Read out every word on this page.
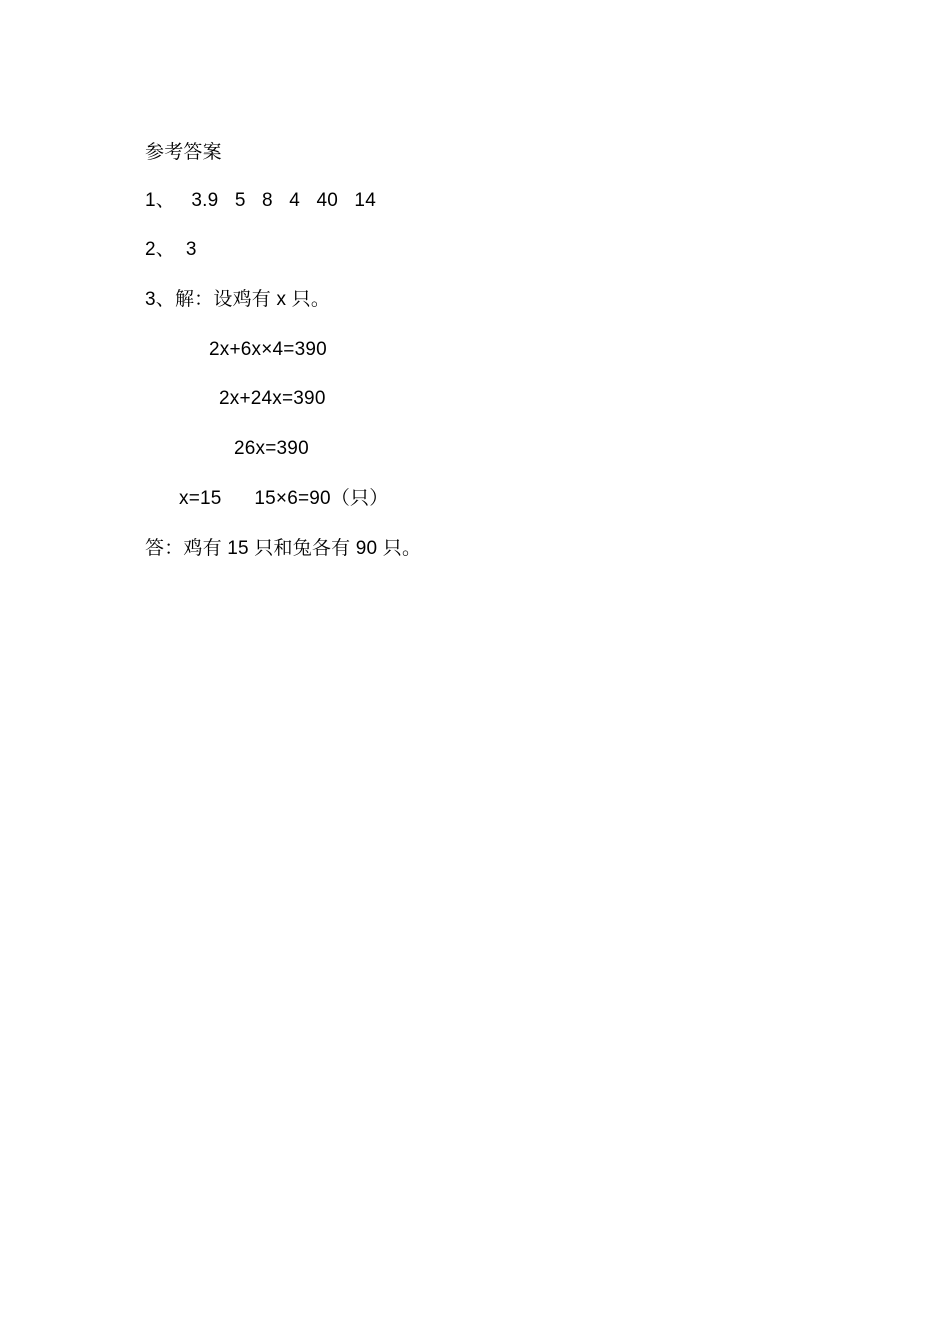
参考答案
1、   3.9   5   8   4   40   14
2、  3
3、解：设鸡有 x 只。
2x+6x×4=390
2x+24x=390
26x=390
x=15      15×6=90（只）
答：鸡有 15 只和兔各有 90 只。
